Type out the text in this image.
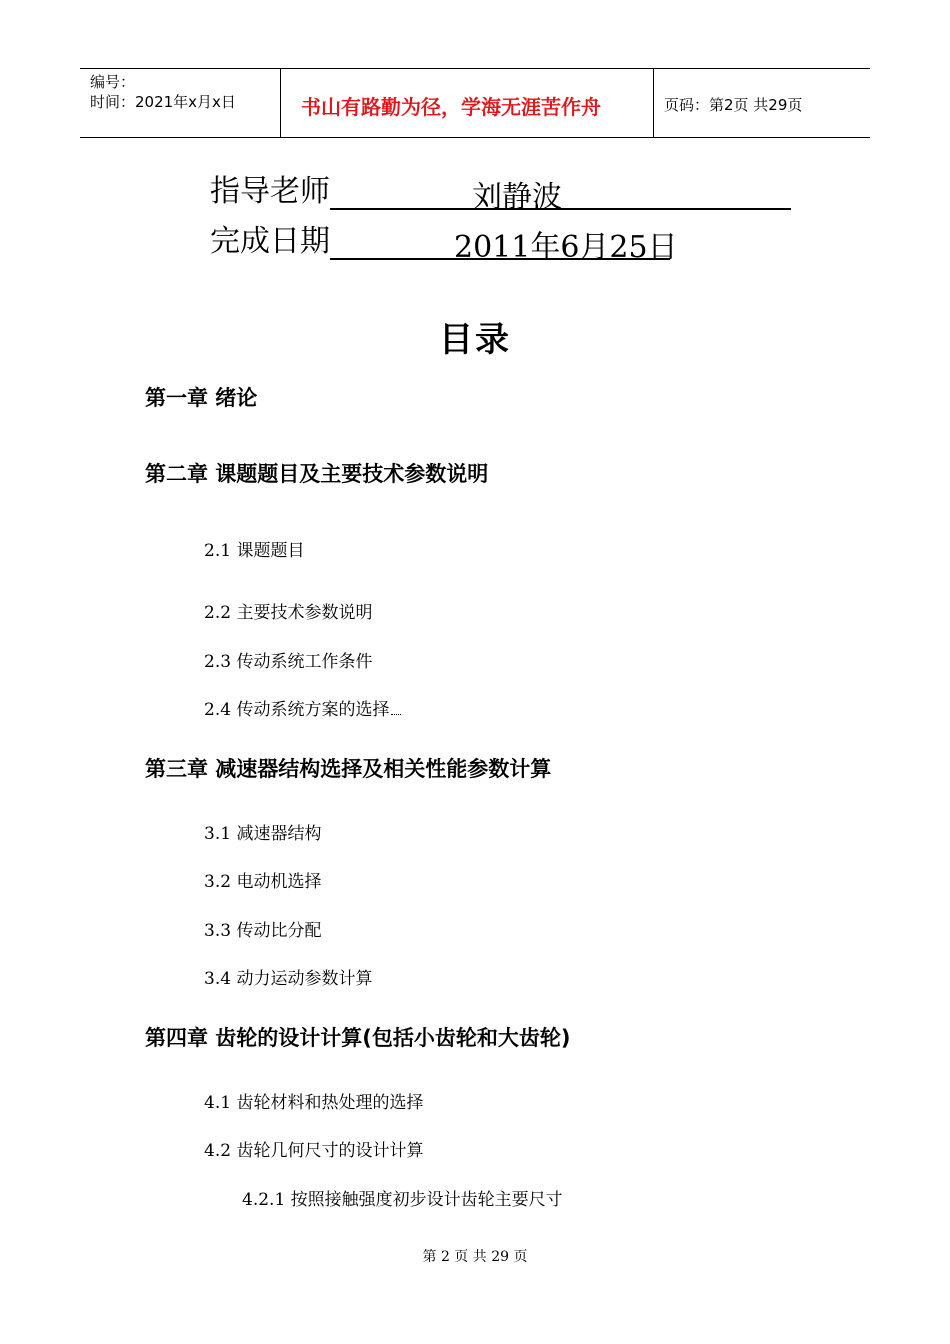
编号：
时间：2021年x月x日	书山有路勤为径，学海无涯苦作舟	页码：第2页 共29页
指导老师	刘静波
完成日期	2011年6月25日
目录
第一章 绪论
第二章 课题题目及主要技术参数说明
2.1 课题题目
2.2 主要技术参数说明
2.3 传动系统工作条件
2.4 传动系统方案的选择
第三章 减速器结构选择及相关性能参数计算
3.1 减速器结构
3.2 电动机选择
3.3 传动比分配
3.4 动力运动参数计算
第四章 齿轮的设计计算(包括小齿轮和大齿轮)
4.1 齿轮材料和热处理的选择
4.2 齿轮几何尺寸的设计计算
4.2.1 按照接触强度初步设计齿轮主要尺寸
第 2 页 共 29 页
